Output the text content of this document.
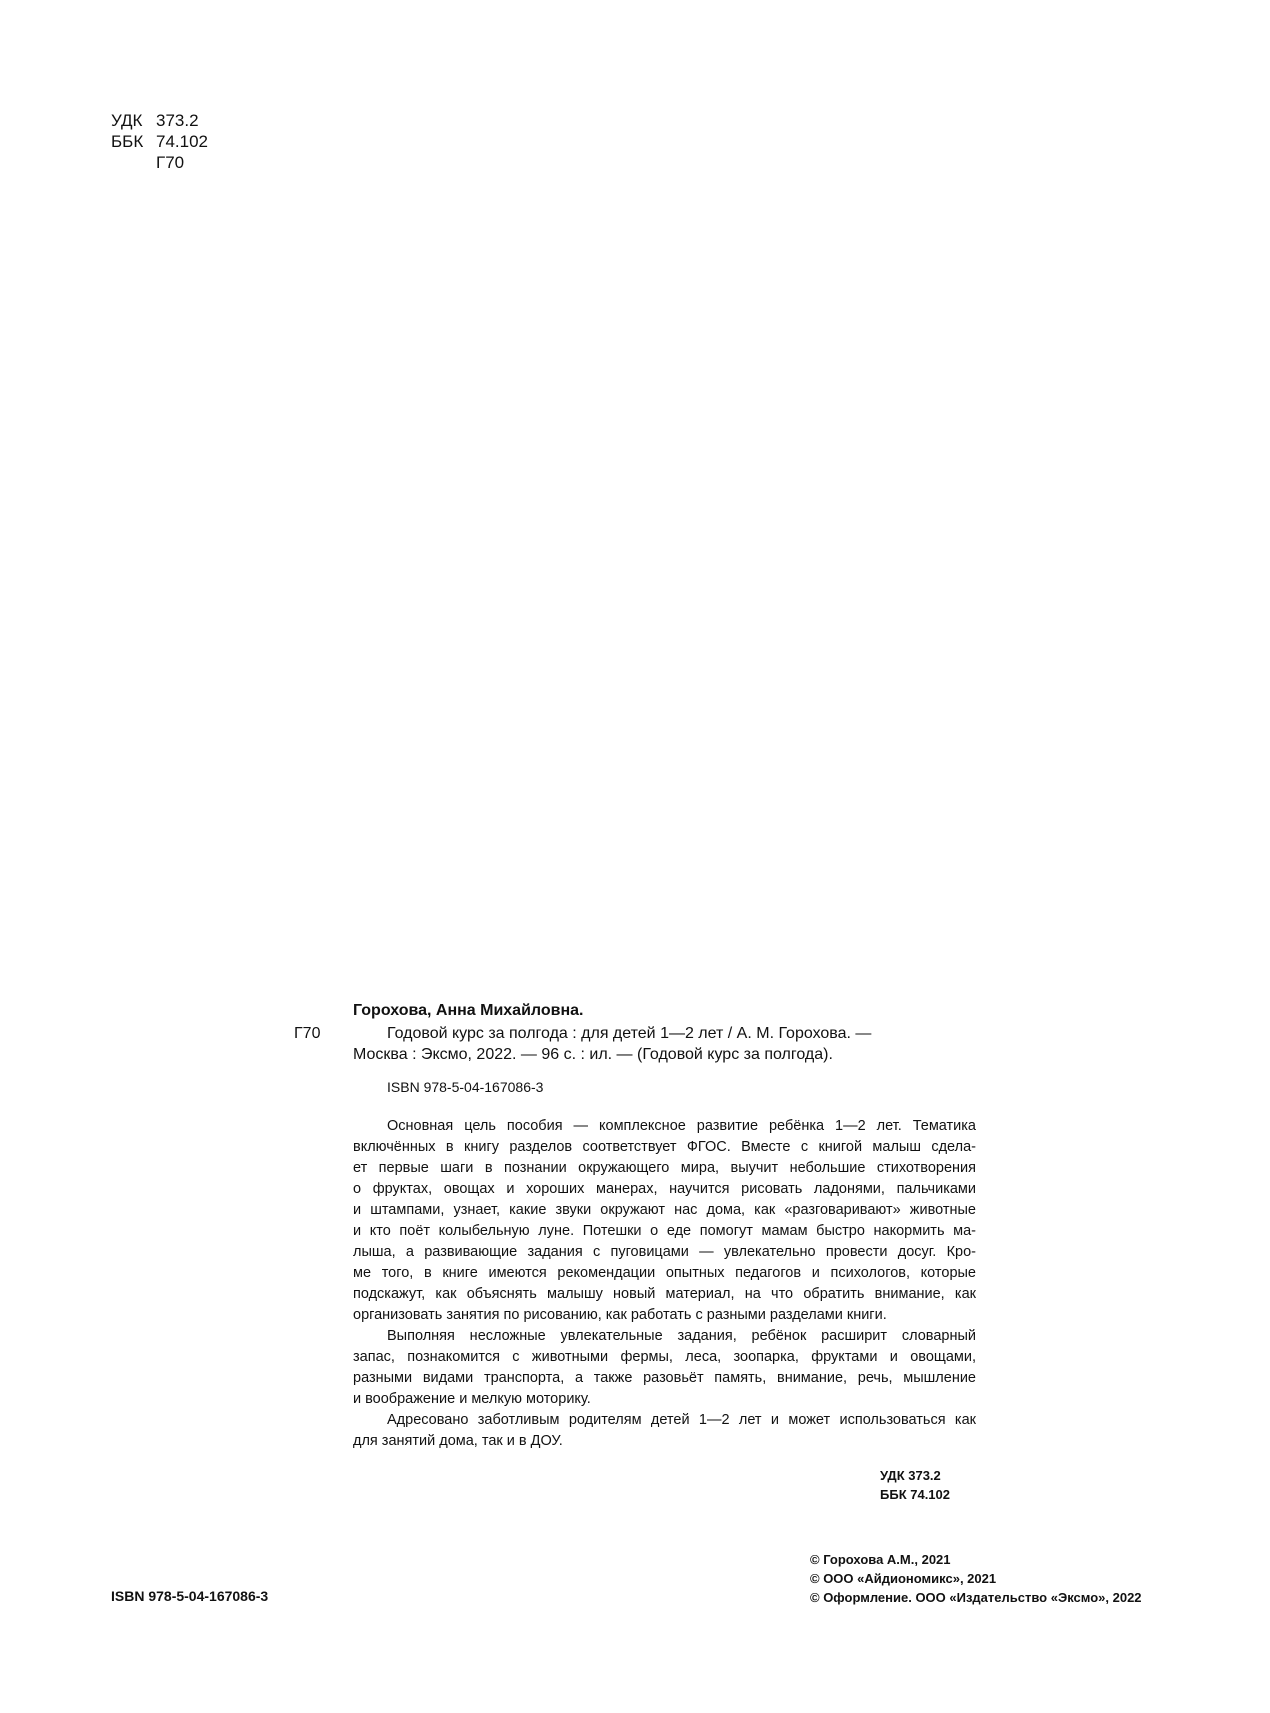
УДК 373.2
ББК 74.102
Г70
Г70
Горохова, Анна Михайловна.
Годовой курс за полгода : для детей 1—2 лет / А. М. Горохова. —
Москва : Эксмо, 2022. — 96 с. : ил. — (Годовой курс за полгода).
ISBN 978-5-04-167086-3
Основная цель пособия — комплексное развитие ребёнка 1—2 лет. Тематика
включённых в книгу разделов соответствует ФГОС. Вместе с книгой малыш сдела-
ет первые шаги в познании окружающего мира, выучит небольшие стихотворения
о фруктах, овощах и хороших манерах, научится рисовать ладонями, пальчиками
и штампами, узнает, какие звуки окружают нас дома, как «разговаривают» животные
и кто поёт колыбельную луне. Потешки о еде помогут мамам быстро накормить ма-
лыша, а развивающие задания с пуговицами — увлекательно провести досуг. Кро-
ме того, в книге имеются рекомендации опытных педагогов и психологов, которые
подскажут, как объяснять малышу новый материал, на что обратить внимание, как
организовать занятия по рисованию, как работать с разными разделами книги.
Выполняя несложные увлекательные задания, ребёнок расширит словарный
запас, познакомится с животными фермы, леса, зоопарка, фруктами и овощами,
разными видами транспорта, а также разовьёт память, внимание, речь, мышление
и воображение и мелкую моторику.
Адресовано заботливым родителям детей 1—2 лет и может использоваться как
для занятий дома, так и в ДОУ.
УДК 373.2
ББК 74.102
ISBN 978-5-04-167086-3
© Горохова А.М., 2021
© ООО «Айдиономикс», 2021
© Оформление. ООО «Издательство «Эксмо», 2022
